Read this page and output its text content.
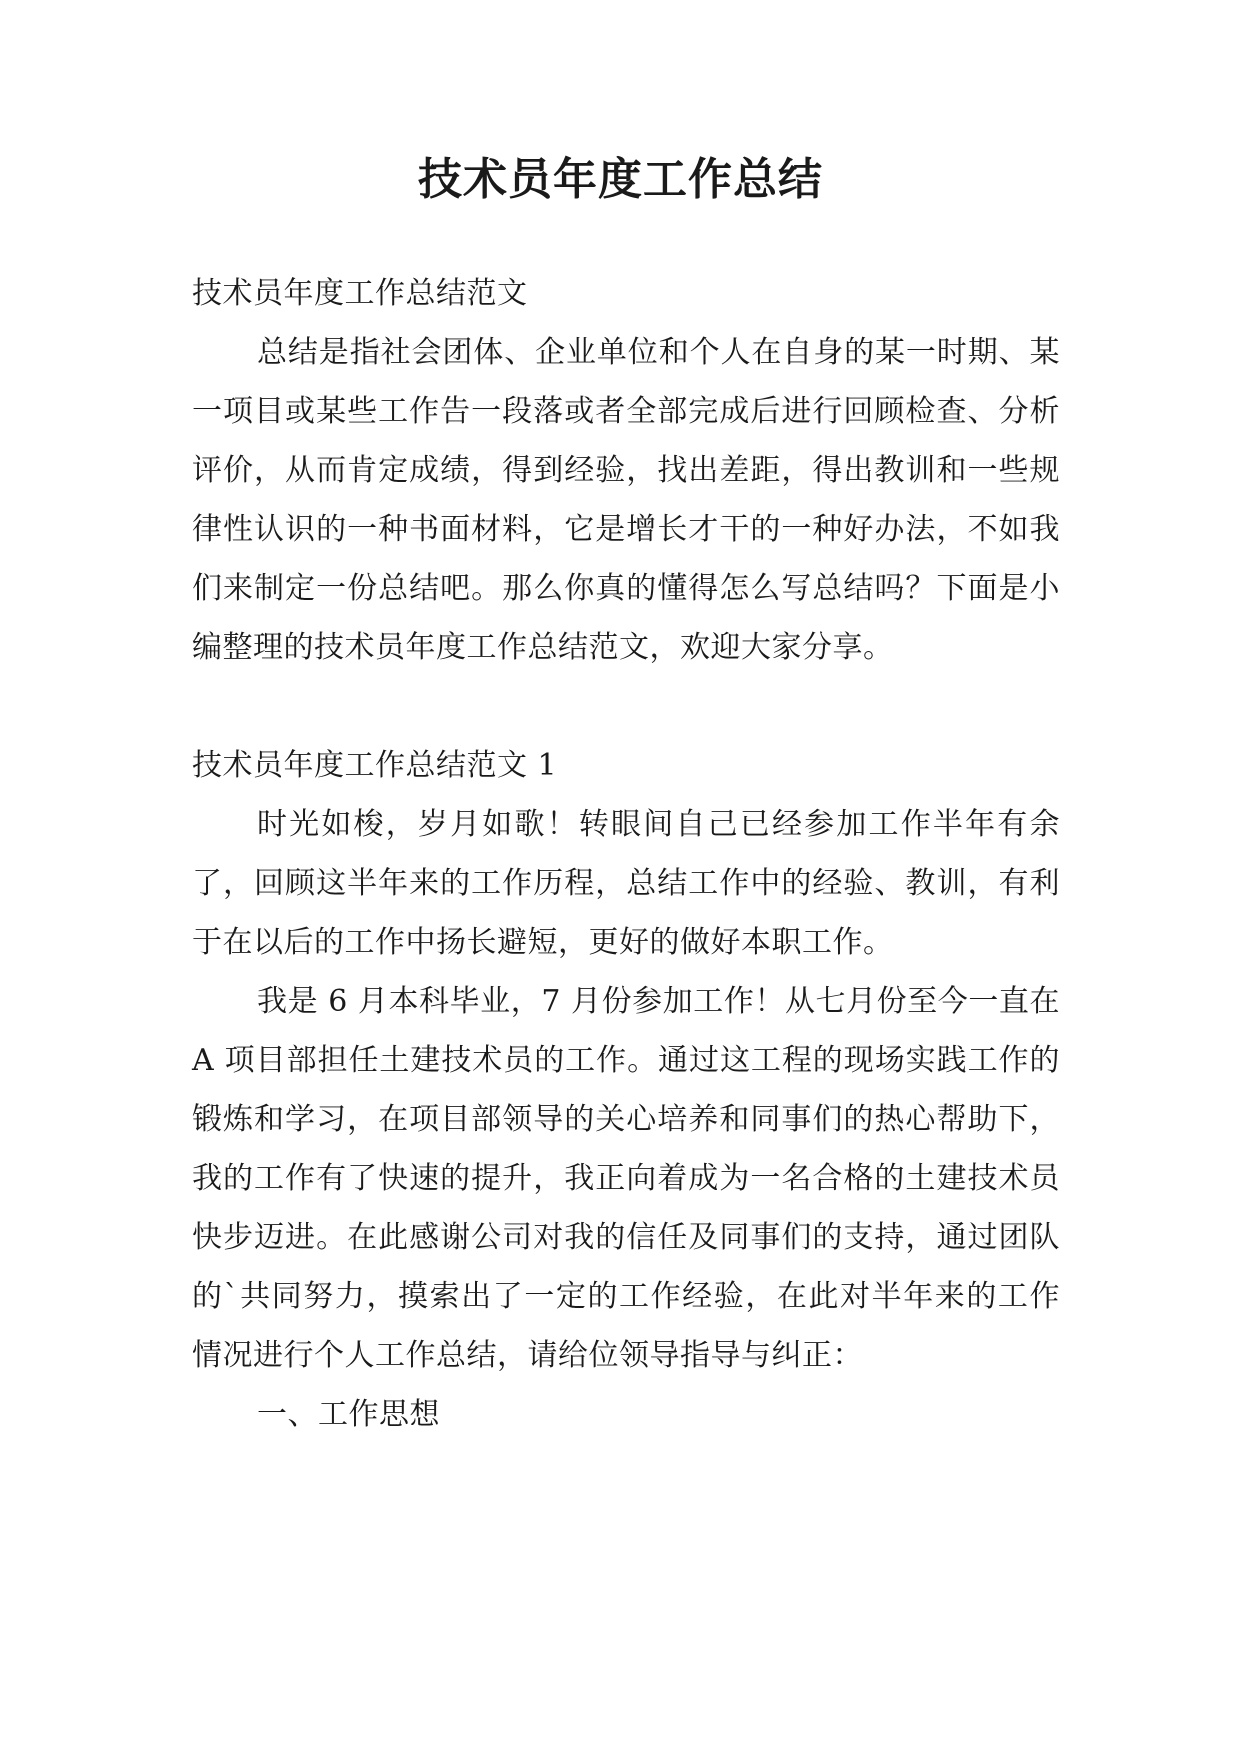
技术员年度工作总结

技术员年度工作总结范文

总结是指社会团体、企业单位和个人在自身的某一时期、某一项目或某些工作告一段落或者全部完成后进行回顾检查、分析评价，从而肯定成绩，得到经验，找出差距，得出教训和一些规律性认识的一种书面材料，它是增长才干的一种好办法，不如我们来制定一份总结吧。那么你真的懂得怎么写总结吗？下面是小编整理的技术员年度工作总结范文，欢迎大家分享。

技术员年度工作总结范文 1

时光如梭，岁月如歌！转眼间自己已经参加工作半年有余了，回顾这半年来的工作历程，总结工作中的经验、教训，有利于在以后的工作中扬长避短，更好的做好本职工作。

我是 6 月本科毕业，7 月份参加工作！从七月份至今一直在 A 项目部担任土建技术员的工作。通过这工程的现场实践工作的锻炼和学习，在项目部领导的关心培养和同事们的热心帮助下，我的工作有了快速的提升，我正向着成为一名合格的土建技术员快步迈进。在此感谢公司对我的信任及同事们的支持，通过团队的`共同努力，摸索出了一定的工作经验，在此对半年来的工作情况进行个人工作总结，请给位领导指导与纠正：

一、工作思想
